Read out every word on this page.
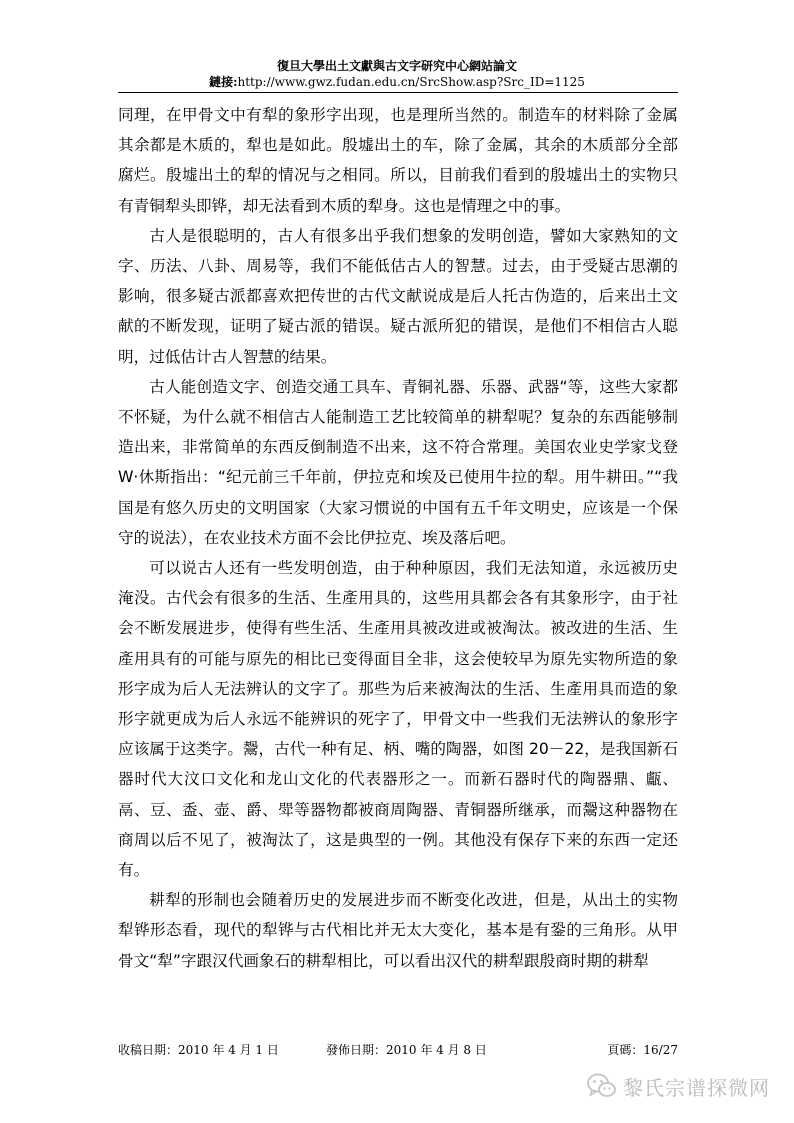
復旦大學出土文獻與古文字研究中心網站論文
鏈接:http://www.gwz.fudan.edu.cn/SrcShow.asp?Src_ID=1125

同理，在甲骨文中有犁的象形字出现，也是理所当然的。制造车的材料除了金属其余都是木质的，犁也是如此。殷墟出土的车，除了金属，其余的木质部分全部腐烂。殷墟出土的犁的情况与之相同。所以，目前我们看到的殷墟出土的实物只有青铜犁头即铧，却无法看到木质的犁身。这也是情理之中的事。

古人是很聪明的，古人有很多出乎我们想象的发明创造，譬如大家熟知的文字、历法、八卦、周易等，我们不能低估古人的智慧。过去，由于受疑古思潮的影响，很多疑古派都喜欢把传世的古代文献说成是后人托古伪造的，后来出土文献的不断发现，证明了疑古派的错误。疑古派所犯的错误，是他们不相信古人聪明，过低估计古人智慧的结果。

古人能创造文字、创造交通工具车、青铜礼器、乐器、武器“等，这些大家都不怀疑，为什么就不相信古人能制造工艺比较简单的耕犁呢？复杂的东西能够制造出来，非常简单的东西反倒制造不出来，这不符合常理。美国农业史学家戈登 W·休斯指出：“纪元前三千年前，伊拉克和埃及已使用牛拉的犁。用牛耕田。”“我国是有悠久历史的文明国家（大家习惯说的中国有五千年文明史，应该是一个保守的说法），在农业技术方面不会比伊拉克、埃及落后吧。

可以说古人还有一些发明创造，由于种种原因，我们无法知道，永远被历史淹没。古代会有很多的生活、生產用具的，这些用具都会各有其象形字，由于社会不断发展进步，使得有些生活、生產用具被改进或被淘汰。被改进的生活、生產用具有的可能与原先的相比已变得面目全非，这会使较早为原先实物所造的象形字成为后人无法辨认的文字了。那些为后来被淘汰的生活、生產用具而造的象形字就更成为后人永远不能辨识的死字了，甲骨文中一些我们无法辨认的象形字应该属于这类字。鬶，古代一种有足、柄、嘴的陶器，如图 20－22，是我国新石器时代大汶口文化和龙山文化的代表器形之一。而新石器时代的陶器鼎、甗、鬲、豆、盉、壶、爵、斝等器物都被商周陶器、青铜器所继承，而鬶这种器物在商周以后不见了，被淘汰了，这是典型的一例。其他没有保存下来的东西一定还有。

耕犁的形制也会随着历史的发展进步而不断变化改进，但是，从出土的实物犁铧形态看，现代的犁铧与古代相比并无太大变化，基本是有銎的三角形。从甲骨文“犁”字跟汉代画象石的耕犁相比，可以看出汉代的耕犁跟殷商时期的耕犁

收稿日期：2010 年 4 月 1 日	發佈日期：2010 年 4 月 8 日	頁碼：16/27
黎氏宗谱探微网
